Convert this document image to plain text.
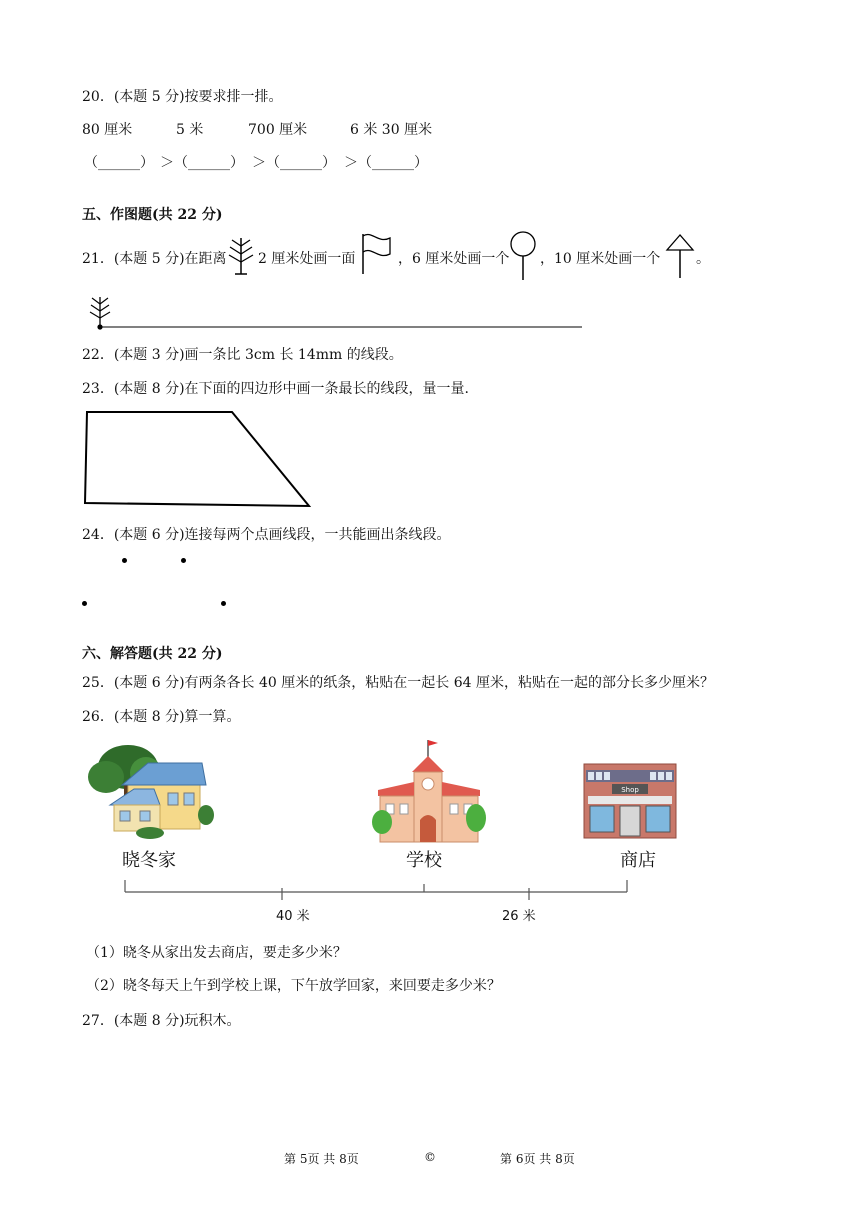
20．(本题 5 分)按要求排一排。
80 厘米	5 米	700 厘米	6 米 30 厘米
（______） ＞（______） ＞（______） ＞（______）
五、作图题(共 22 分)
21．(本题 5 分)在距离 2 厘米处画一面	，6 厘米处画一个 ，10 厘米处画一个	。
22．(本题 3 分)画一条比 3cm 长 14mm 的线段。
23．(本题 8 分)在下面的四边形中画一条最长的线段，量一量.
24．(本题 6 分)连接每两个点画线段，一共能画出条线段。
六、解答题(共 22 分)
25．(本题 6 分)有两条各长 40 厘米的纸条，粘贴在一起长 64 厘米，粘贴在一起的部分长多少厘米？
26．(本题 8 分)算一算。
Shop
晓冬家	学校	商店
40 米	26 米
（1）晓冬从家出发去商店，要走多少米？
（2）晓冬每天上午到学校上课，下午放学回家，来回要走多少米？
27．(本题 8 分)玩积木。
第 5页 共 8页	©	第 6页 共 8页
